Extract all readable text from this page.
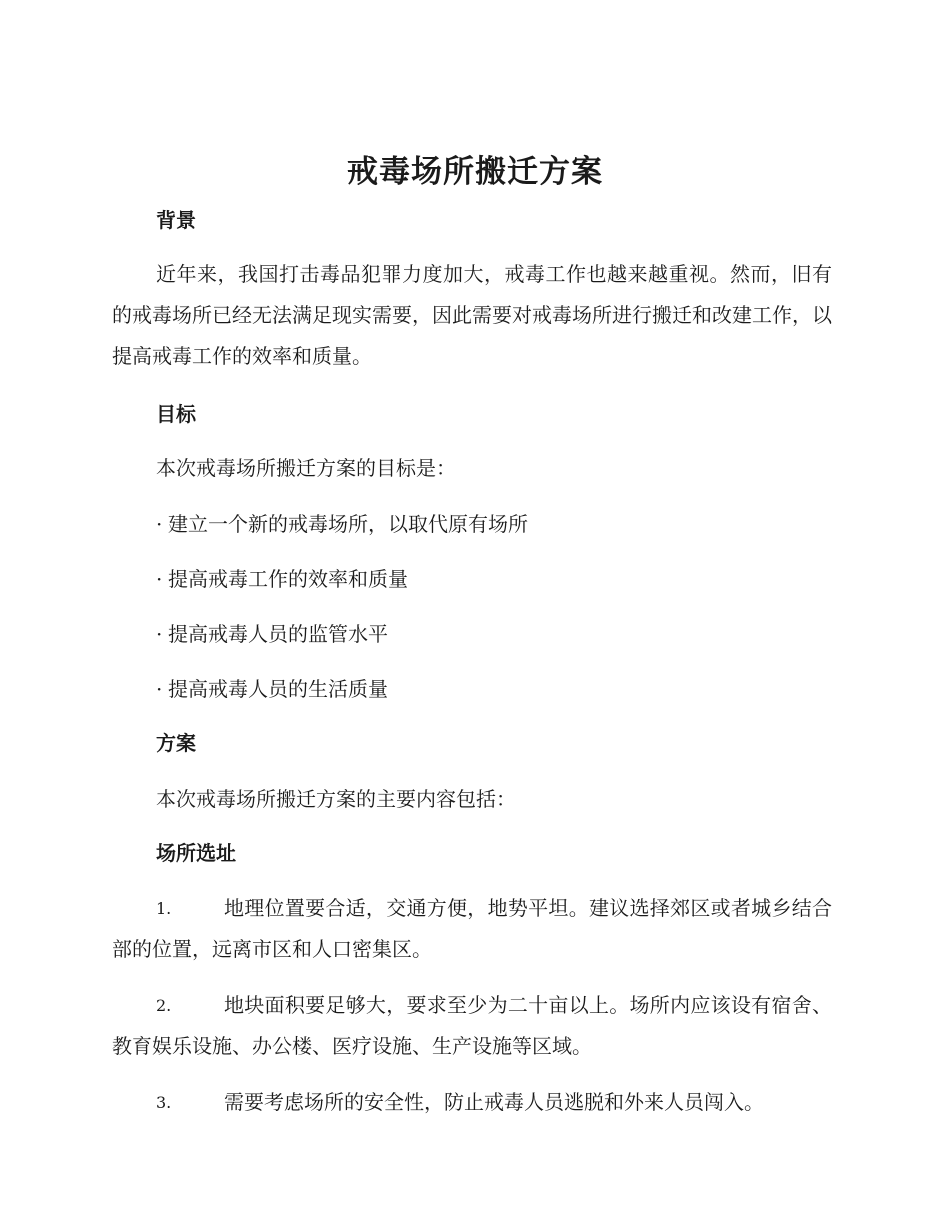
戒毒场所搬迁方案
背景
近年来，我国打击毒品犯罪力度加大，戒毒工作也越来越重视。然而，旧有的戒毒场所已经无法满足现实需要，因此需要对戒毒场所进行搬迁和改建工作，以提高戒毒工作的效率和质量。
目标
本次戒毒场所搬迁方案的目标是：
· 建立一个新的戒毒场所，以取代原有场所
· 提高戒毒工作的效率和质量
· 提高戒毒人员的监管水平
· 提高戒毒人员的生活质量
方案
本次戒毒场所搬迁方案的主要内容包括：
场所选址
1.	地理位置要合适，交通方便，地势平坦。建议选择郊区或者城乡结合部的位置，远离市区和人口密集区。
2.	地块面积要足够大，要求至少为二十亩以上。场所内应该设有宿舍、教育娱乐设施、办公楼、医疗设施、生产设施等区域。
3.	需要考虑场所的安全性，防止戒毒人员逃脱和外来人员闯入。
